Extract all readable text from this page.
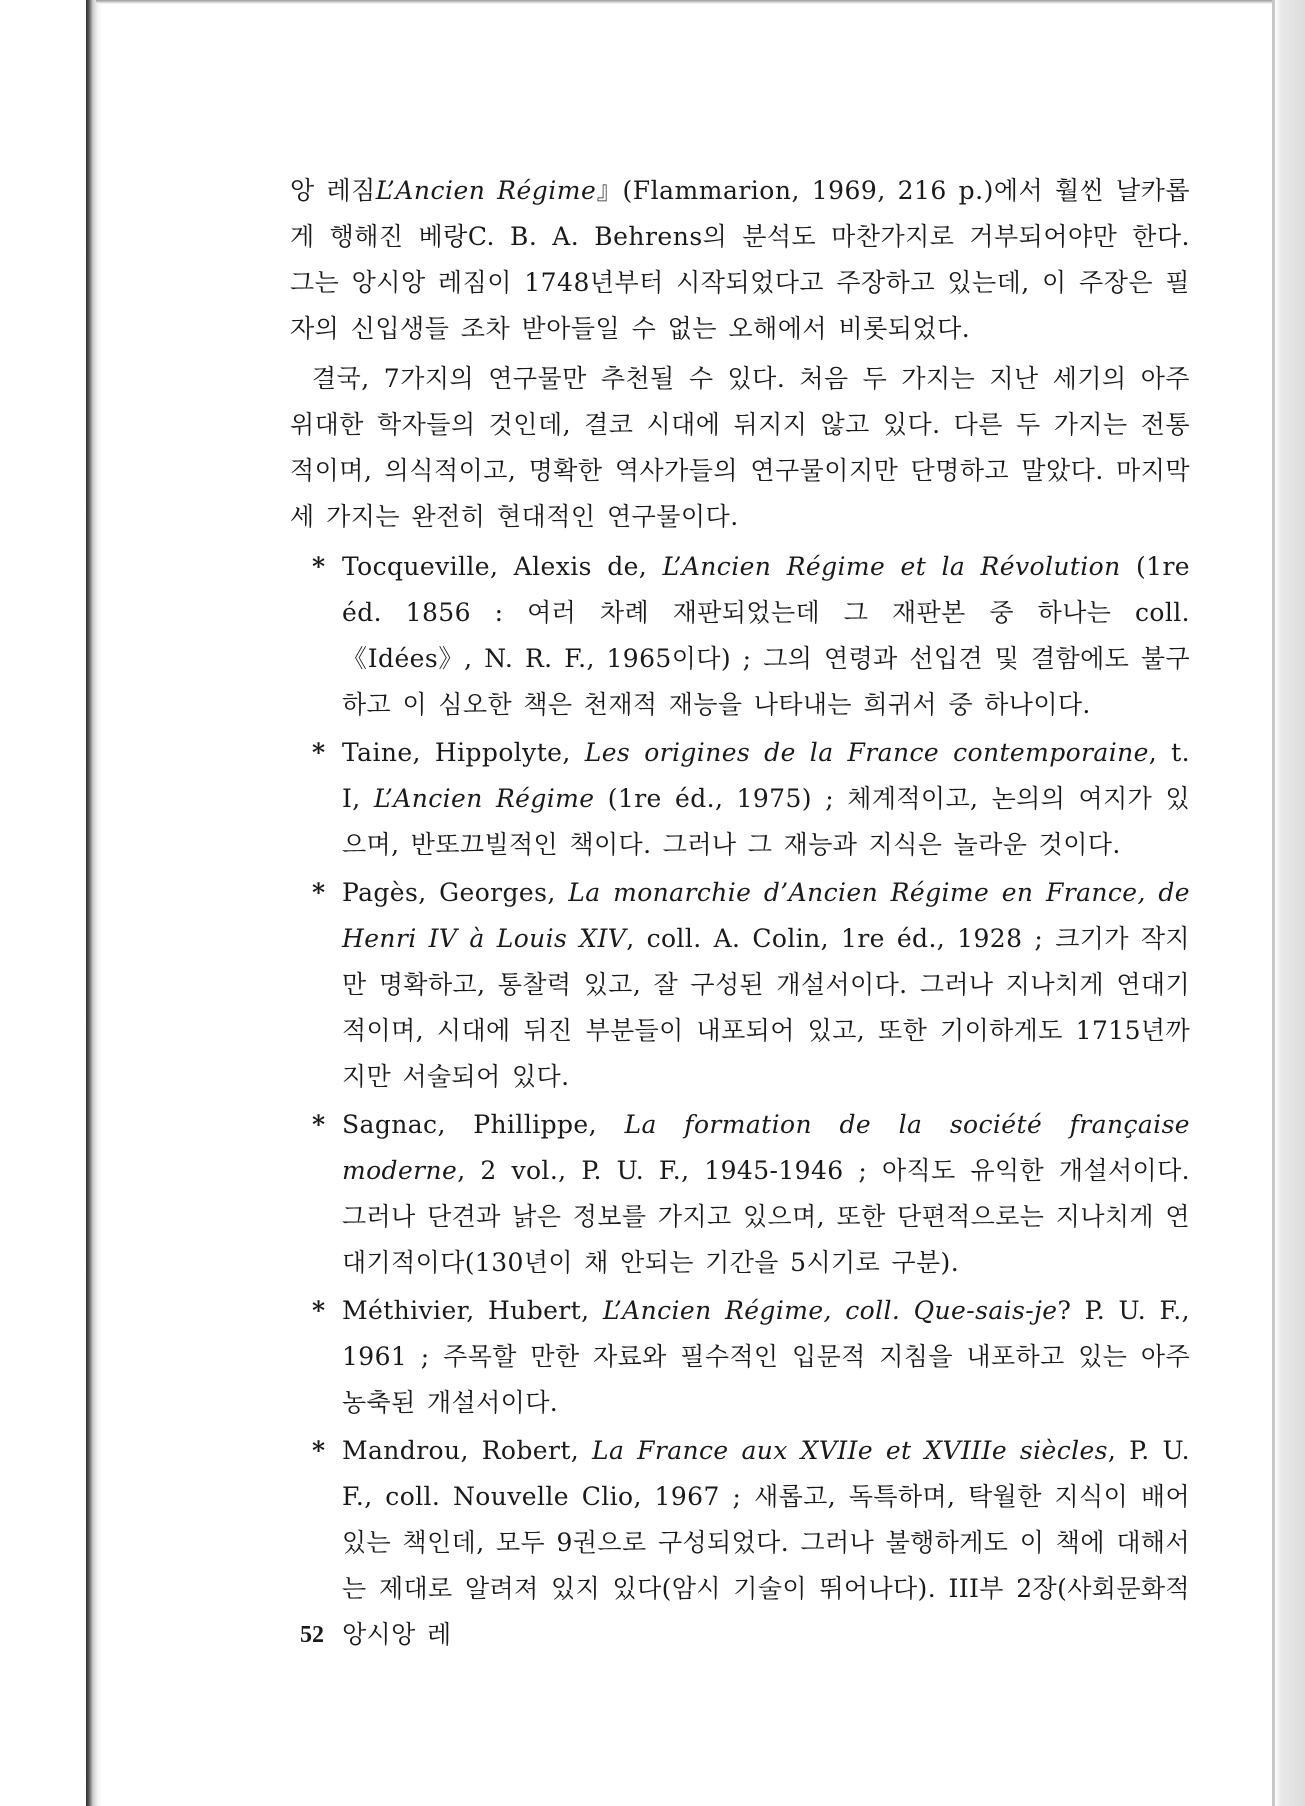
앙 레짐L’Ancien Régime』(Flammarion, 1969, 216 p.)에서 훨씬 날카롭게 행해진 베랑C. B. A. Behrens의 분석도 마찬가지로 거부되어야만 한다. 그는 앙시앙 레짐이 1748년부터 시작되었다고 주장하고 있는데, 이 주장은 필자의 신입생들 조차 받아들일 수 없는 오해에서 비롯되었다.

결국, 7가지의 연구물만 추천될 수 있다. 처음 두 가지는 지난 세기의 아주 위대한 학자들의 것인데, 결코 시대에 뒤지지 않고 있다. 다른 두 가지는 전통적이며, 의식적이고, 명확한 역사가들의 연구물이지만 단명하고 말았다. 마지막 세 가지는 완전히 현대적인 연구물이다.

* Tocqueville, Alexis de, L’Ancien Régime et la Révolution (1re éd. 1856 : 여러 차례 재판되었는데 그 재판본 중 하나는 coll.《Idées》, N. R. F., 1965이다) ; 그의 연령과 선입견 및 결함에도 불구하고 이 심오한 책은 천재적 재능을 나타내는 희귀서 중 하나이다.
* Taine, Hippolyte, Les origines de la France contemporaine, t. I, L’Ancien Régime (1re éd., 1975) ; 체계적이고, 논의의 여지가 있으며, 반또끄빌적인 책이다. 그러나 그 재능과 지식은 놀라운 것이다.
* Pagès, Georges, La monarchie d’Ancien Régime en France, de Henri IV à Louis XIV, coll. A. Colin, 1re éd., 1928 ; 크기가 작지만 명확하고, 통찰력 있고, 잘 구성된 개설서이다. 그러나 지나치게 연대기적이며, 시대에 뒤진 부분들이 내포되어 있고, 또한 기이하게도 1715년까지만 서술되어 있다.
* Sagnac, Phillippe, La formation de la société française moderne, 2 vol., P. U. F., 1945-1946 ; 아직도 유익한 개설서이다. 그러나 단견과 낡은 정보를 가지고 있으며, 또한 단편적으로는 지나치게 연대기적이다(130년이 채 안되는 기간을 5시기로 구분).
* Méthivier, Hubert, L’Ancien Régime, coll. Que-sais-je? P. U. F., 1961 ; 주목할 만한 자료와 필수적인 입문적 지침을 내포하고 있는 아주 농축된 개설서이다.
* Mandrou, Robert, La France aux XVIIe et XVIIIe siècles, P. U. F., coll. Nouvelle Clio, 1967 ; 새롭고, 독특하며, 탁월한 지식이 배어 있는 책인데, 모두 9권으로 구성되었다. 그러나 불행하게도 이 책에 대해서는 제대로 알려져 있지 있다(암시 기술이 뛰어나다). III부 2장(사회문화적 앙시앙 레
52
